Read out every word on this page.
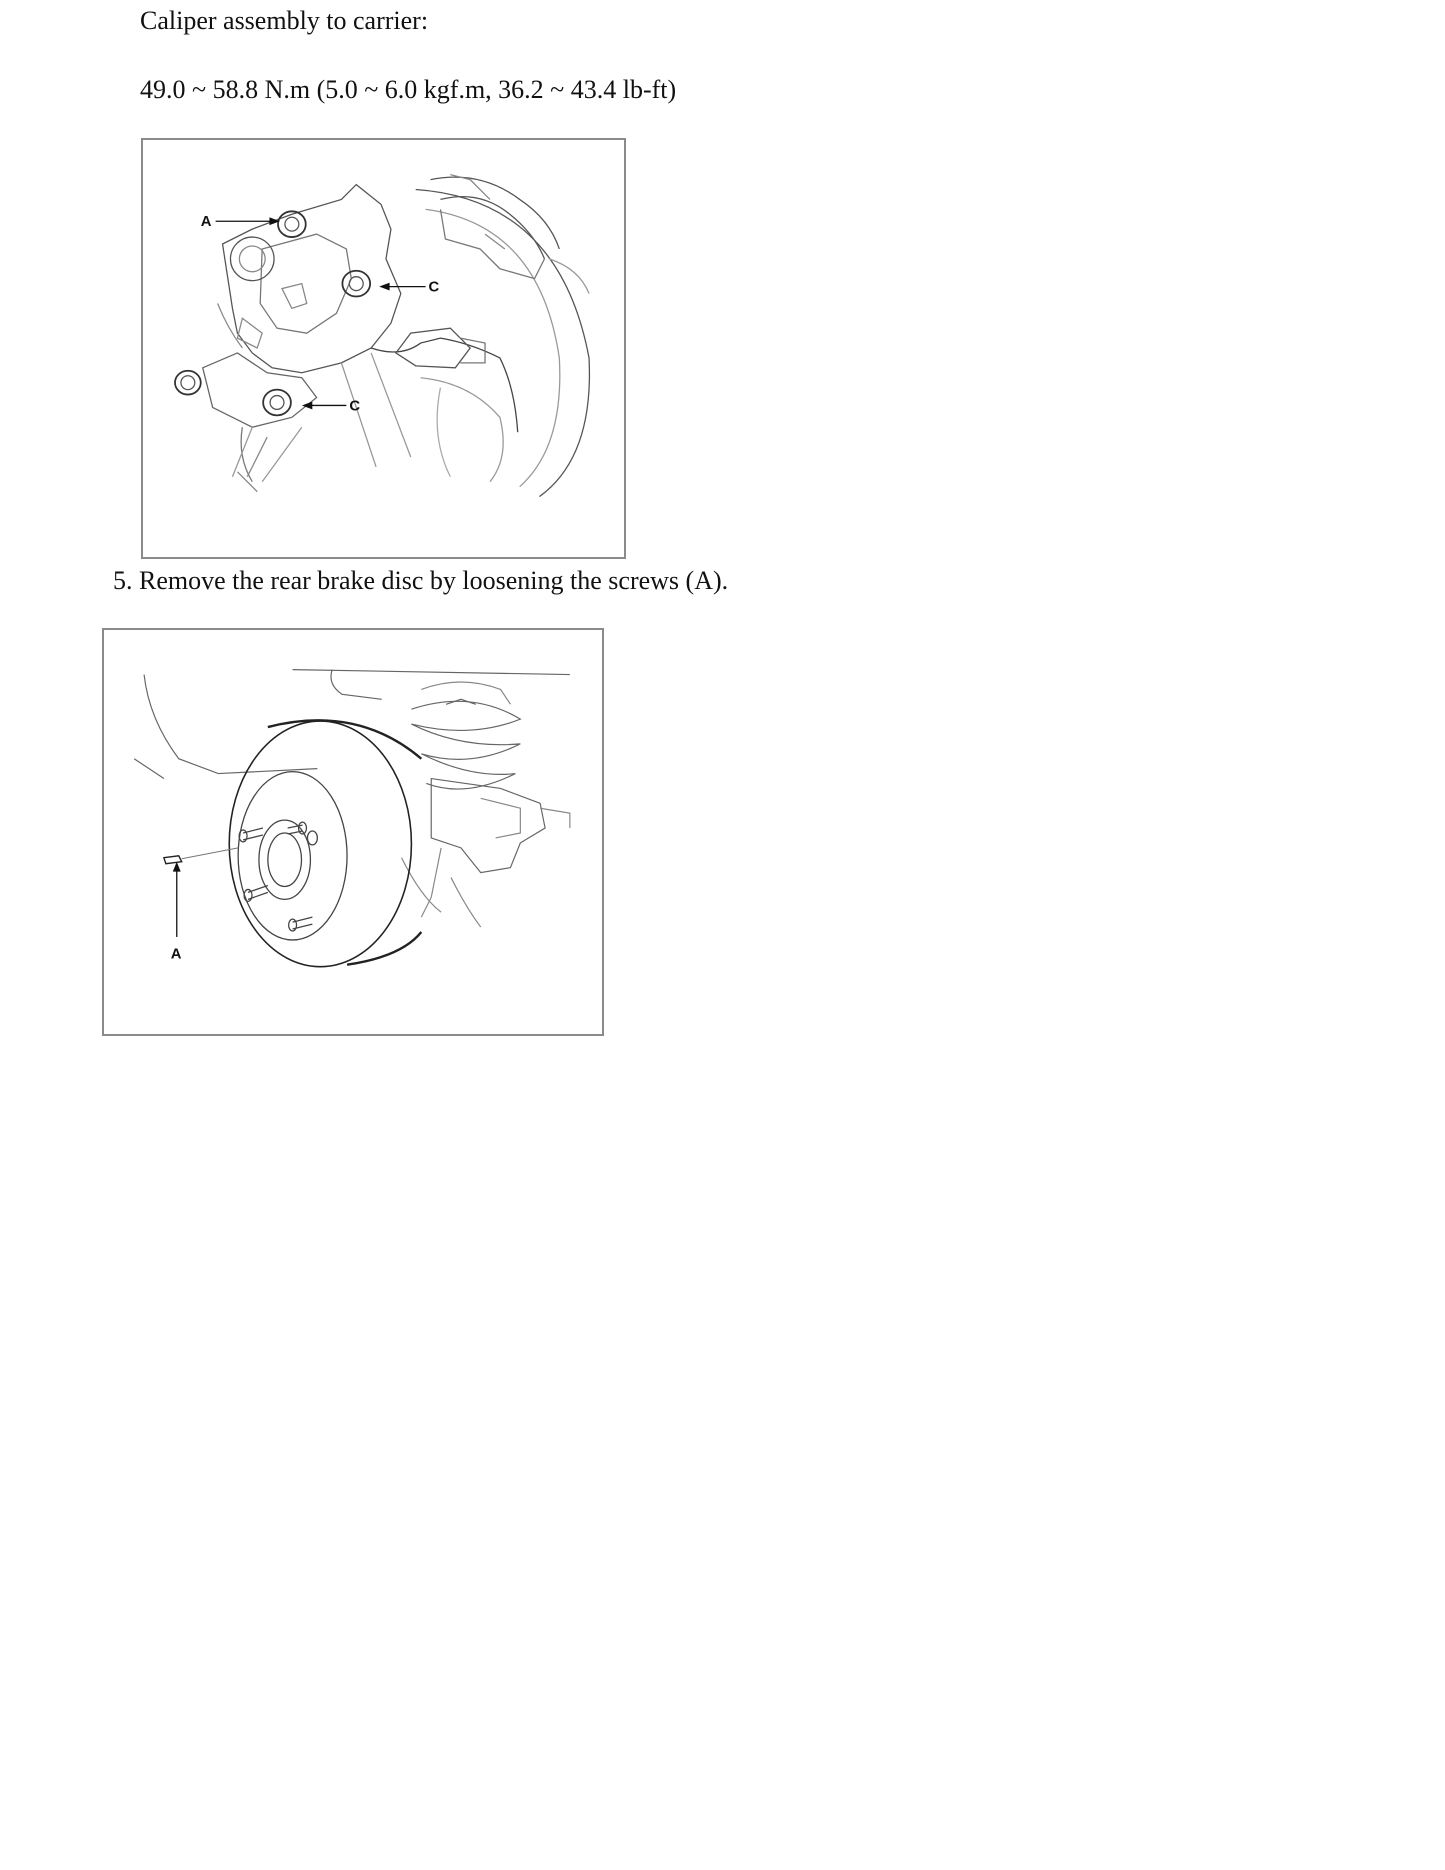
Caliper assembly to carrier:
49.0 ~ 58.8 N.m (5.0 ~ 6.0 kgf.m, 36.2 ~ 43.4 lb-ft)
A
C
C
5. Remove the rear brake disc by loosening the screws (A).
A
